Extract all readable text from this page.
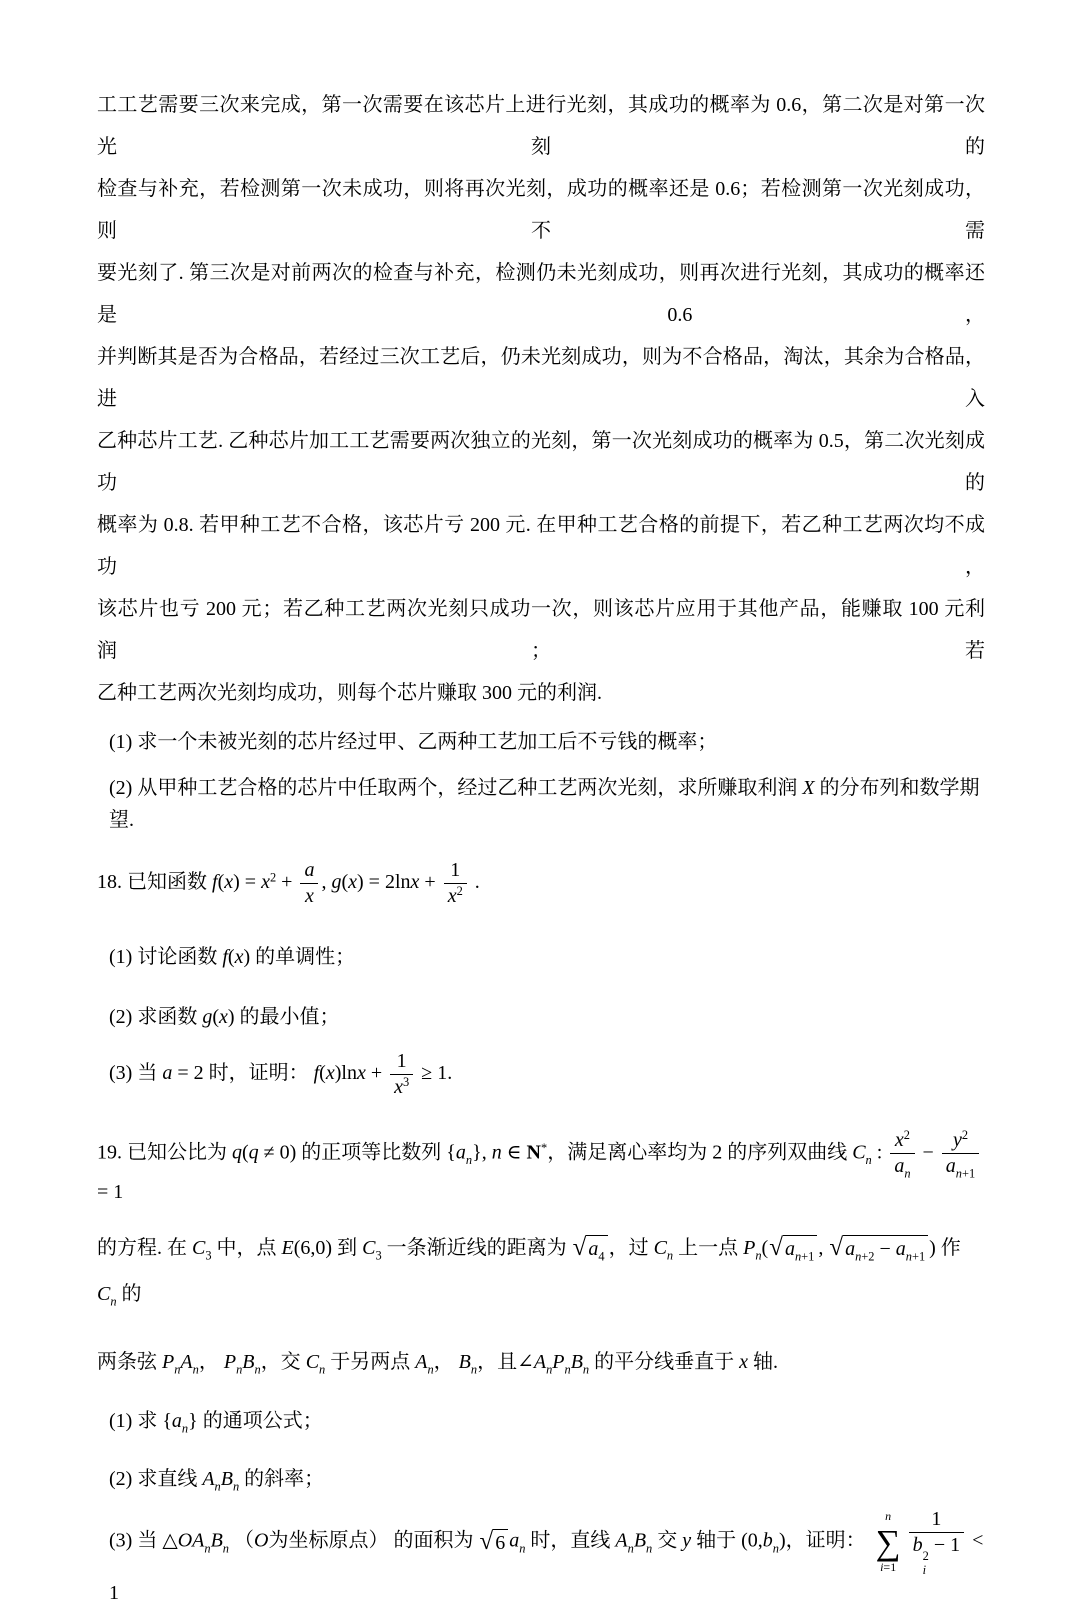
工工艺需要三次来完成，第一次需要在该芯片上进行光刻，其成功的概率为 0.6，第二次是对第一次光刻的
检查与补充，若检测第一次未成功，则将再次光刻，成功的概率还是 0.6；若检测第一次光刻成功，则不需
要光刻了. 第三次是对前两次的检查与补充，检测仍未光刻成功，则再次进行光刻，其成功的概率还是 0.6，
并判断其是否为合格品，若经过三次工艺后，仍未光刻成功，则为不合格品，淘汰，其余为合格品，进入
乙种芯片工艺. 乙种芯片加工工艺需要两次独立的光刻，第一次光刻成功的概率为 0.5，第二次光刻成功的
概率为 0.8. 若甲种工艺不合格，该芯片亏 200 元. 在甲种工艺合格的前提下，若乙种工艺两次均不成功，
该芯片也亏 200 元；若乙种工艺两次光刻只成功一次，则该芯片应用于其他产品，能赚取 100 元利润；若
乙种工艺两次光刻均成功，则每个芯片赚取 300 元的利润.
(1) 求一个未被光刻的芯片经过甲、乙两种工艺加工后不亏钱的概率；
(2) 从甲种工艺合格的芯片中任取两个，经过乙种工艺两次光刻，求所赚取利润 X 的分布列和数学期望.
18. 已知函数 $f(x) = x^2 + \frac{a}{x}$ , $g(x) = 2\ln x + \frac{1}{x^2}$ .
(1) 讨论函数 f(x) 的单调性；
(2) 求函数 g(x) 的最小值；
(3) 当 a = 2 时，证明： $f(x)\ln x + \frac{1}{x^3} \ge 1$.
19. 已知公比为 q(q ≠ 0) 的正项等比数列 $\{a_n\}$, n ∈ N*，满足离心率均为 2 的序列双曲线 $C_n$ : $\frac{x^2}{a_n} - \frac{y^2}{a_{n+1}}$
= 1
的方程. 在 $C_3$ 中，点 E(6,0) 到 $C_3$ 一条渐近线的距离为 √ $a_4$ ，过 $C_n$ 上一点 $P_n$( √ $a_{n+1}$ , √ $a_{n+2} - a_{n+1}$ ) 作 $C_n$ 的
两条弦 $P_nA_n$， $P_nB_n$，交 $C_n$ 于另两点 $A_n$， $B_n$，且$\angle A_nP_nB_n$ 的平分线垂直于 x 轴.
(1) 求 $\{a_n\}$ 的通项公式；
(2) 求直线 $A_nB_n$ 的斜率；
(3) 当 $\triangle OA_nB_n$ （O为坐标原点） 的面积为 √ 6 $a_n$ 时，直线 $A_nB_n$ 交 y 轴于 $(0,b_n)$，证明：
n
∑
i=1 1
b 2
i
− 1 < 1
